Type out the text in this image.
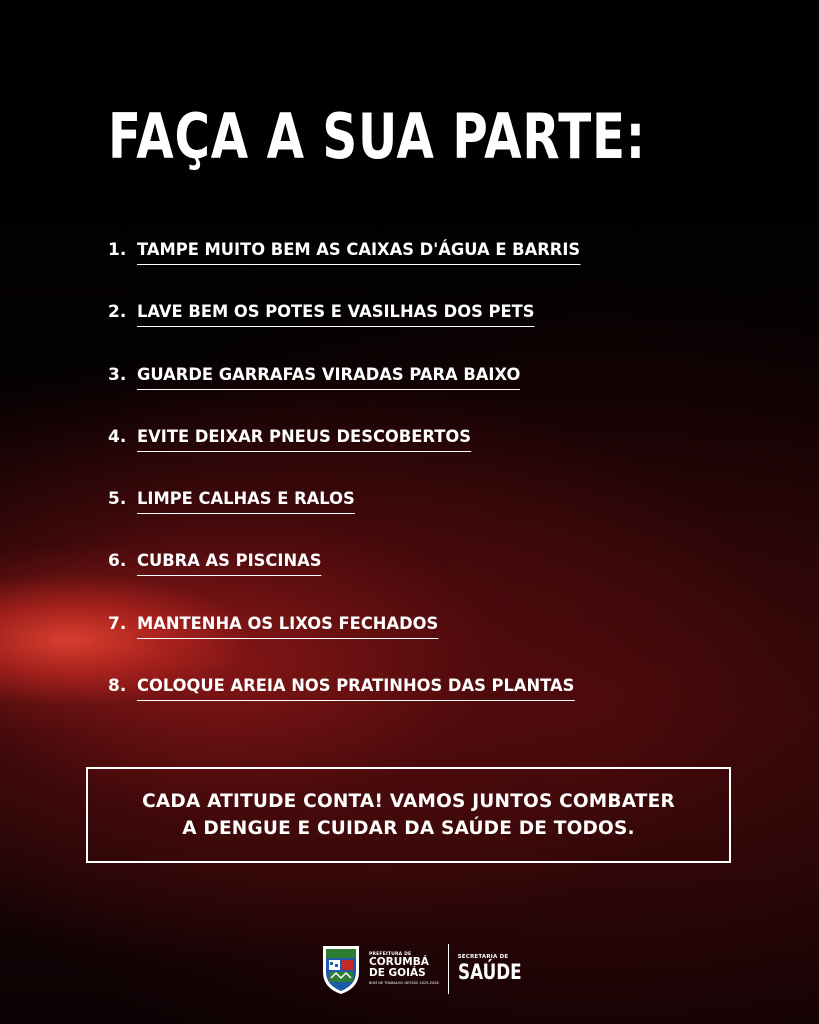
FAÇA A SUA PARTE:
1. TAMPE MUITO BEM AS CAIXAS D'ÁGUA E BARRIS
2. LAVE BEM OS POTES E VASILHAS DOS PETS
3. GUARDE GARRAFAS VIRADAS PARA BAIXO
4. EVITE DEIXAR PNEUS DESCOBERTOS
5. LIMPE CALHAS E RALOS
6. CUBRA AS PISCINAS
7. MANTENHA OS LIXOS FECHADOS
8. COLOQUE AREIA NOS PRATINHOS DAS PLANTAS
CADA ATITUDE CONTA! VAMOS JUNTOS COMBATER
A DENGUE E CUIDAR DA SAÚDE DE TODOS.
PREFEITURA DE
CORUMBÁ
DE GOIÁS
BOM DE TRABALHO GESTÃO 2025-2028
SECRETARIA DE
SAÚDE
